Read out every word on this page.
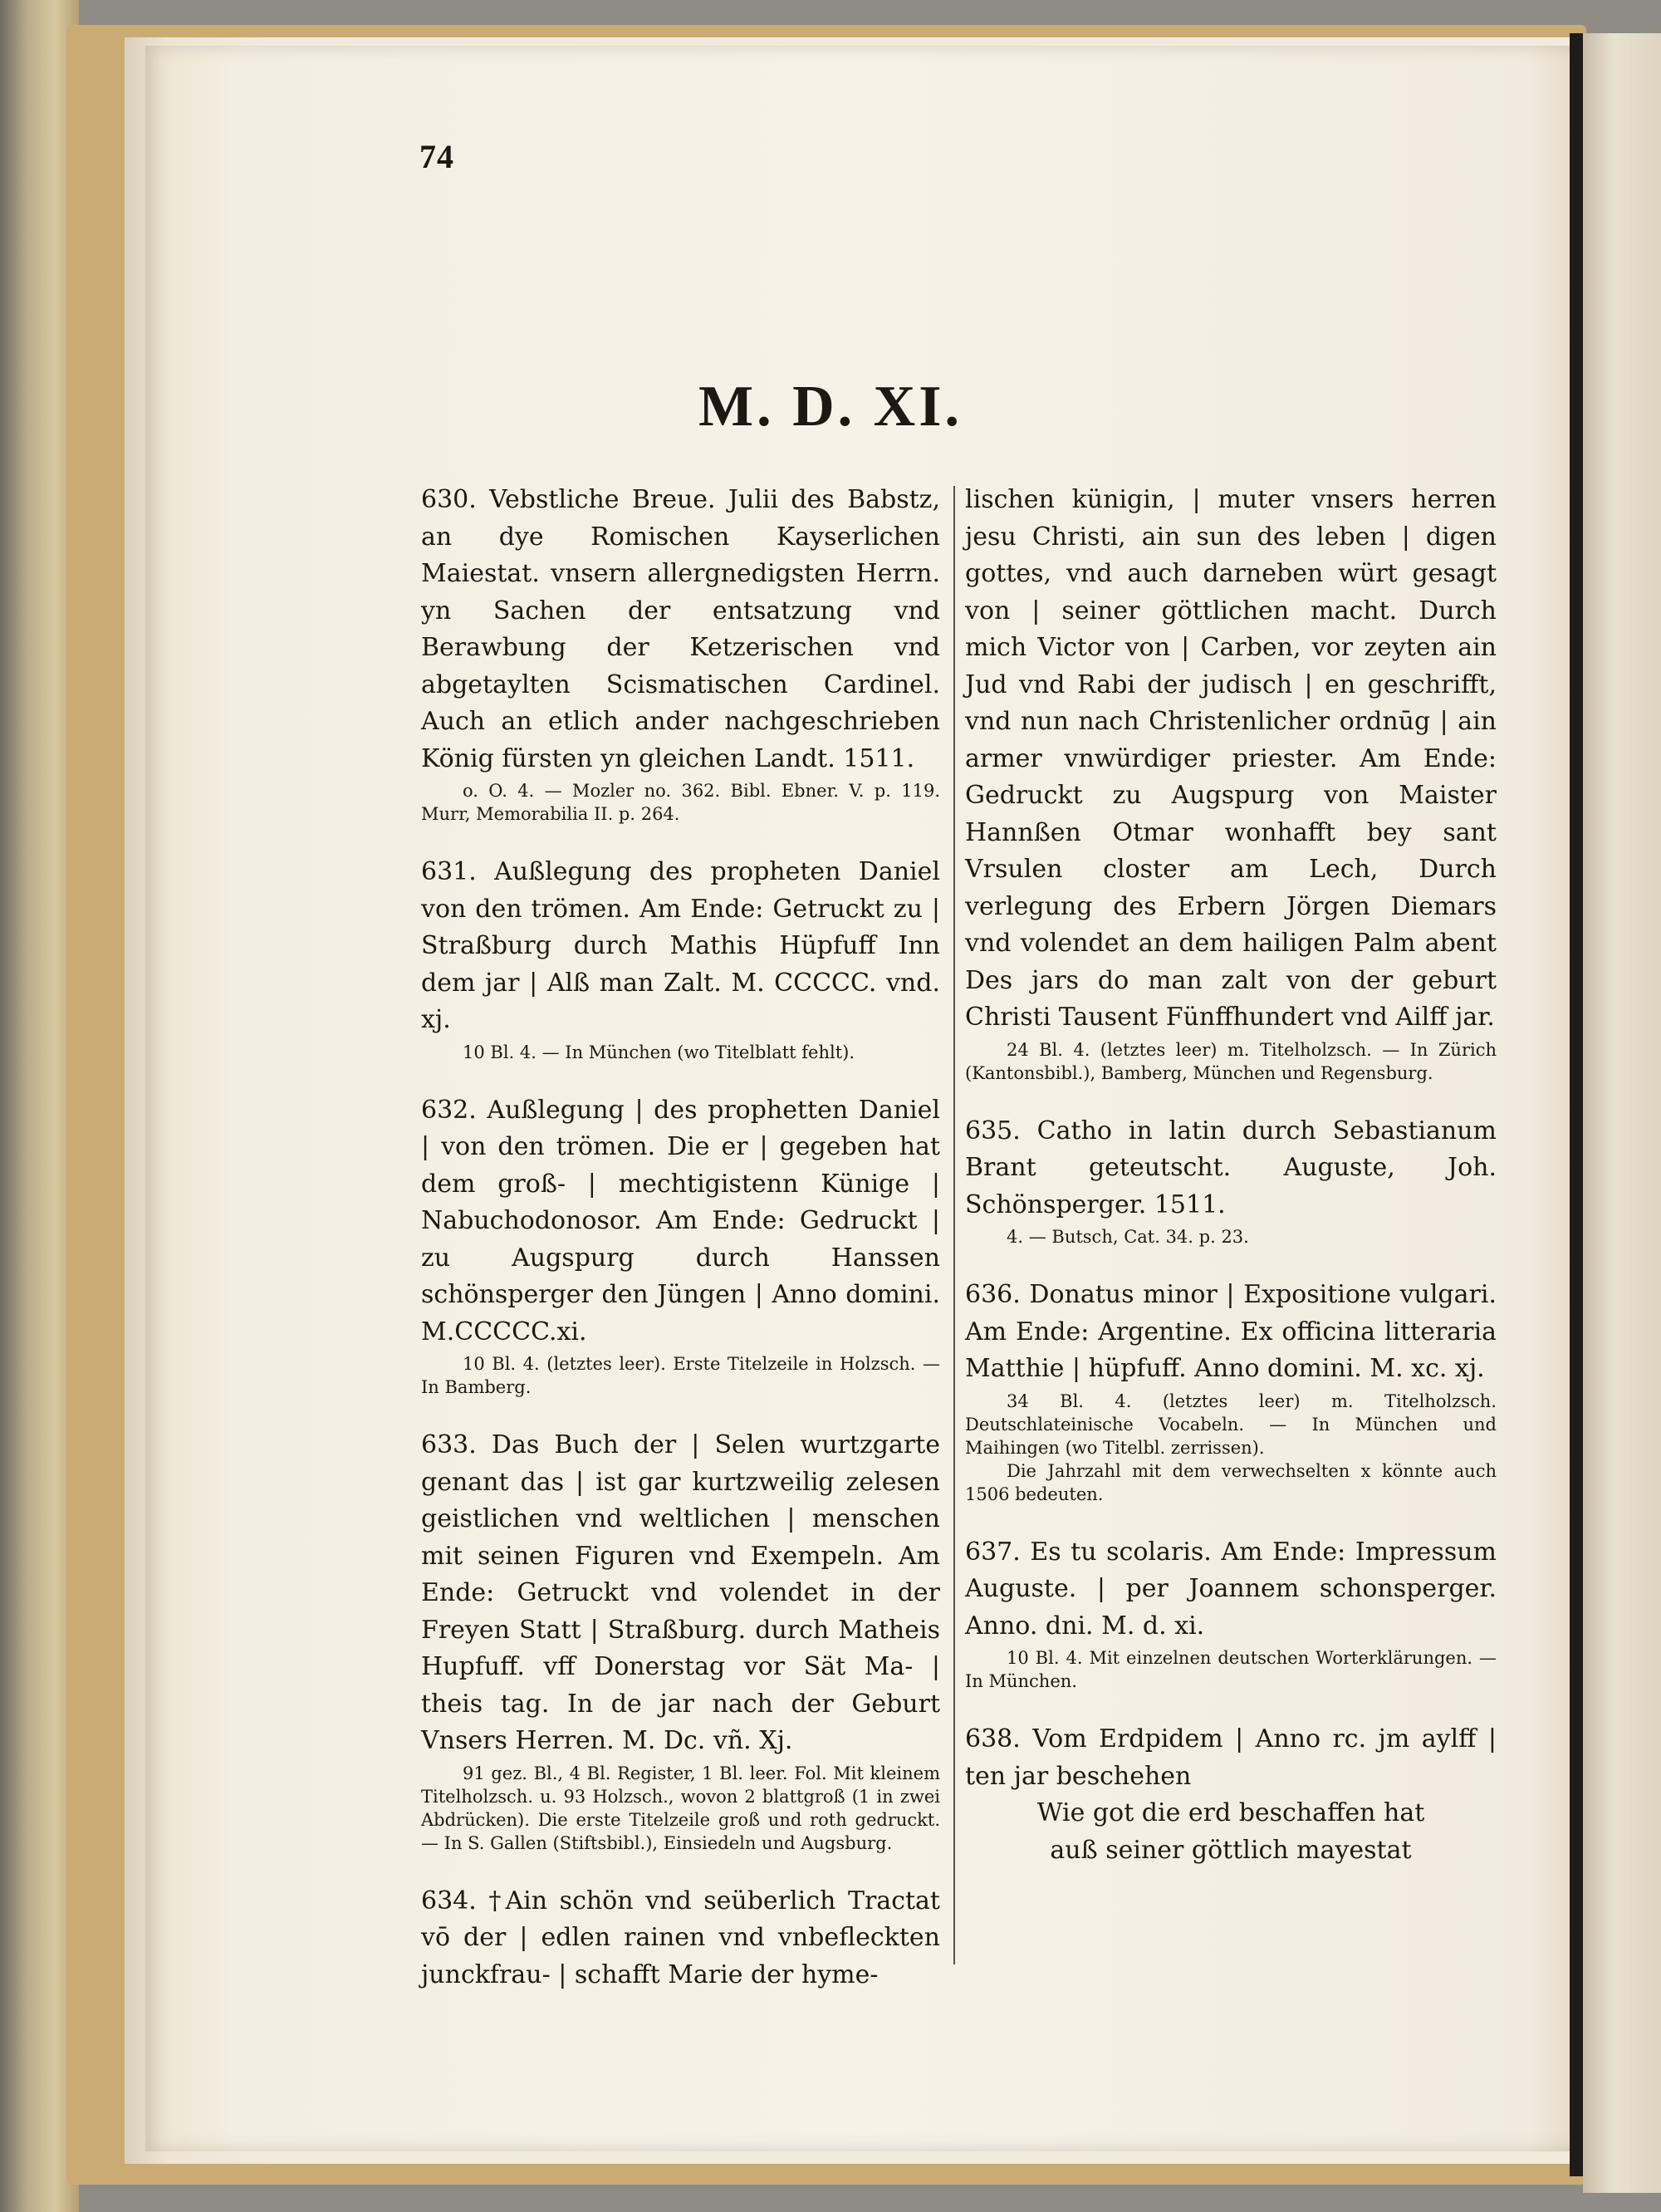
74
M. D. XI.
630. Vebstliche Breue. Julii des Babstz, an dye Romischen Kayserlichen Maiestat. vnsern allergnedigsten Herrn. yn Sachen der entsatzung vnd Berawbung der Ketzerischen vnd abgetaylten Scismatischen Cardinel. Auch an etlich ander nachgeschrieben König fürsten yn gleichen Landt. 1511.
o. O. 4. — Mozler no. 362. Bibl. Ebner. V. p. 119. Murr, Memorabilia II. p. 264.
631. Außlegung des propheten Daniel von den trömen. Am Ende: Getruckt zu | Straßburg durch Mathis Hüpfuff Inn dem jar | Alß man Zalt. M. CCCCC. vnd. xj.
10 Bl. 4. — In München (wo Titelblatt fehlt).
632. Außlegung | des prophetten Daniel | von den trömen. Die er | gegeben hat dem groß- | mechtigistenn Künige | Nabuchodonosor. Am Ende: Gedruckt | zu Augspurg durch Hanssen schönsperger den Jüngen | Anno domini. M.CCCCC.xi.
10 Bl. 4. (letztes leer). Erste Titelzeile in Holzsch. — In Bamberg.
633. Das Buch der | Selen wurtzgarte genant das | ist gar kurtzweilig zelesen geistlichen vnd weltlichen | menschen mit seinen Figuren vnd Exempeln. Am Ende: Getruckt vnd volendet in der Freyen Statt | Straßburg. durch Matheis Hupfuff. vff Donerstag vor Sät Ma- | theis tag. In de jar nach der Geburt Vnsers Herren. M. Dc. vñ. Xj.
91 gez. Bl., 4 Bl. Register, 1 Bl. leer. Fol. Mit kleinem Titelholzsch. u. 93 Holzsch., wovon 2 blattgroß (1 in zwei Abdrücken). Die erste Titelzeile groß und roth gedruckt. — In S. Gallen (Stiftsbibl.), Einsiedeln und Augsburg.
634. †Ain schön vnd seüberlich Tractat vō der | edlen rainen vnd vnbefleckten junckfrau- | schafft Marie der hyme-
lischen künigin, | muter vnsers herren jesu Christi, ain sun des leben | digen gottes, vnd auch darneben würt gesagt von | seiner göttlichen macht. Durch mich Victor von | Carben, vor zeyten ain Jud vnd Rabi der judisch | en geschrifft, vnd nun nach Christenlicher ordnūg | ain armer vnwürdiger priester. Am Ende: Gedruckt zu Augspurg von Maister Hannßen Otmar wonhafft bey sant Vrsulen closter am Lech, Durch verlegung des Erbern Jörgen Diemars vnd volendet an dem hailigen Palm abent Des jars do man zalt von der geburt Christi Tausent Fünffhundert vnd Ailff jar.
24 Bl. 4. (letztes leer) m. Titelholzsch. — In Zürich (Kantonsbibl.), Bamberg, München und Regensburg.
635. Catho in latin durch Sebastianum Brant geteutscht. Auguste, Joh. Schönsperger. 1511.
4. — Butsch, Cat. 34. p. 23.
636. Donatus minor | Expositione vulgari. Am Ende: Argentine. Ex officina litteraria Matthie | hüpfuff. Anno domini. M. xc. xj.
34 Bl. 4. (letztes leer) m. Titelholzsch. Deutschlateinische Vocabeln. — In München und Maihingen (wo Titelbl. zerrissen).
Die Jahrzahl mit dem verwechselten x könnte auch 1506 bedeuten.
637. Es tu scolaris. Am Ende: Impressum Auguste. | per Joannem schonsperger. Anno. dni. M. d. xi.
10 Bl. 4. Mit einzelnen deutschen Worterklärungen. — In München.
638. Vom Erdpidem | Anno rc. jm aylff | ten jar beschehen
Wie got die erd beschaffen hat
auß seiner göttlich mayestat
